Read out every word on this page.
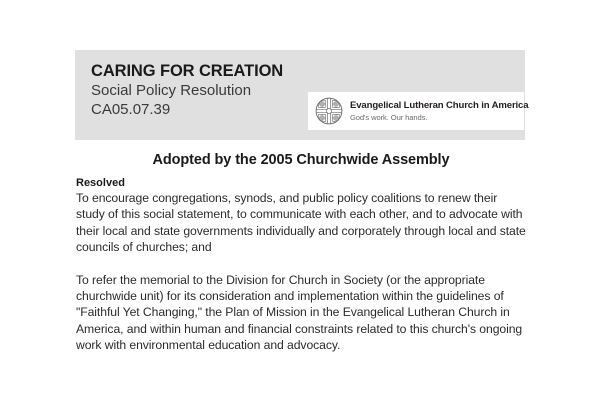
CARING FOR CREATION
Social Policy Resolution
CA05.07.39	Evangelical Lutheran Church in America
God's work. Our hands.
Adopted by the 2005 Churchwide Assembly
Resolved

To encourage congregations, synods, and public policy coalitions to renew their study of this social statement, to communicate with each other, and to advocate with their local and state governments individually and corporately through local and state councils of churches; and

To refer the memorial to the Division for Church in Society (or the appropriate churchwide unit) for its consideration and implementation within the guidelines of "Faithful Yet Changing," the Plan of Mission in the Evangelical Lutheran Church in America, and within human and financial constraints related to this church's ongoing work with environmental education and advocacy.
